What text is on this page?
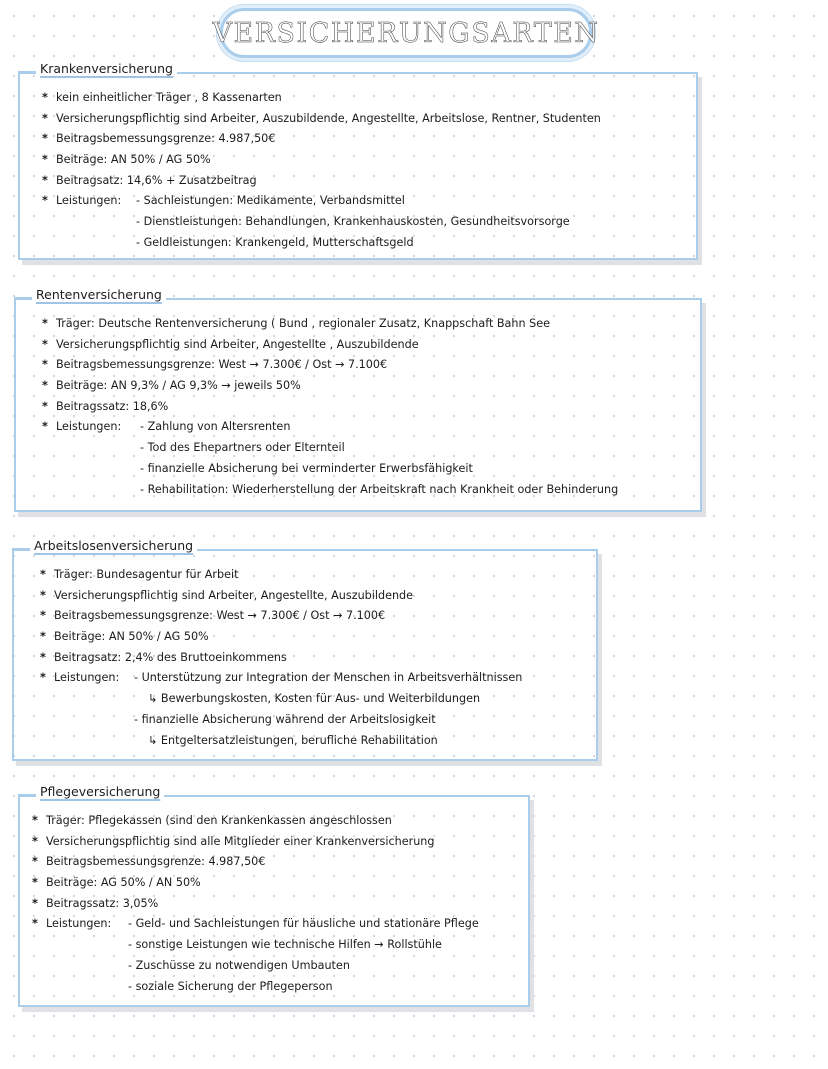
VERSICHERUNGSARTEN
Krankenversicherung
* kein einheitlicher Träger , 8 Kassenarten
* Versicherungspflichtig sind Arbeiter, Auszubildende, Angestellte, Arbeitslose, Rentner, Studenten
* Beitragsbemessungsgrenze: 4.987,50€
* Beiträge: AN 50% / AG 50%
* Beitragsatz: 14,6% + Zusatzbeitrag
* Leistungen: - Sachleistungen: Medikamente, Verbandsmittel
- Dienstleistungen: Behandlungen, Krankenhauskosten, Gesundheitsvorsorge
- Geldleistungen: Krankengeld, Mutterschaftsgeld
Rentenversicherung
* Träger: Deutsche Rentenversicherung ( Bund , regionaler Zusatz, Knappschaft Bahn See
* Versicherungspflichtig sind Arbeiter, Angestellte , Auszubildende
* Beitragsbemessungsgrenze: West → 7.300€ / Ost → 7.100€
* Beiträge: AN 9,3% / AG 9,3% → jeweils 50%
* Beitragssatz: 18,6%
* Leistungen: - Zahlung von Altersrenten
- Tod des Ehepartners oder Elternteil
- finanzielle Absicherung bei verminderter Erwerbsfähigkeit
- Rehabilitation: Wiederherstellung der Arbeitskraft nach Krankheit oder Behinderung
Arbeitslosenversicherung
* Träger: Bundesagentur für Arbeit
* Versicherungspflichtig sind Arbeiter, Angestellte, Auszubildende
* Beitragsbemessungsgrenze: West → 7.300€ / Ost → 7.100€
* Beiträge: AN 50% / AG 50%
* Beitragsatz: 2,4% des Bruttoeinkommens
* Leistungen: - Unterstützung zur Integration der Menschen in Arbeitsverhältnissen
↳ Bewerbungskosten, Kosten für Aus- und Weiterbildungen
- finanzielle Absicherung während der Arbeitslosigkeit
↳ Entgeltersatzleistungen, berufliche Rehabilitation
Pflegeversicherung
* Träger: Pflegekassen (sind den Krankenkassen angeschlossen
* Versicherungspflichtig sind alle Mitglieder einer Krankenversicherung
* Beitragsbemessungsgrenze: 4.987,50€
* Beiträge: AG 50% / AN 50%
* Beitragssatz: 3,05%
* Leistungen: - Geld- und Sachleistungen für häusliche und stationäre Pflege
- sonstige Leistungen wie technische Hilfen → Rollstühle
- Zuschüsse zu notwendigen Umbauten
- soziale Sicherung der Pflegeperson
